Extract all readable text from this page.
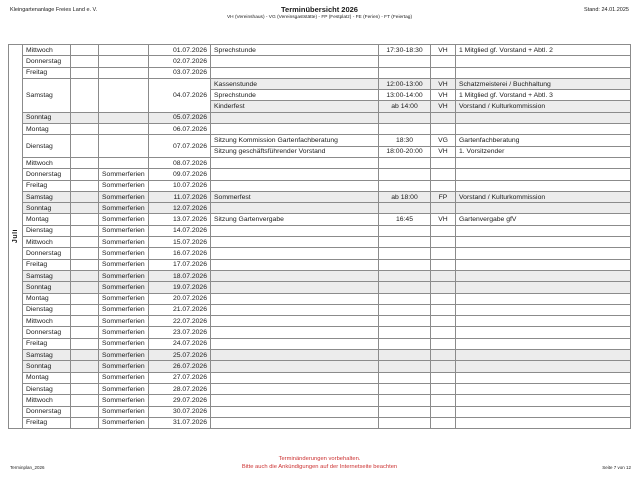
Kleingartenanlage Freies Land e. V.	Terminübersicht 2026
VH (Vereinshaus) - VG (Vereinsgaststätte) - FP (Festplatz) - FE (Ferien) - FT (Feiertag)
Stand: 24.01.2025
Juli	Mittwoch			01.07.2026	Sprechstunde	17:30-18:30	VH	1 Mitglied gf. Vorstand + Abtl. 2
	Donnerstag			02.07.2026				
	Freitag			03.07.2026				
	Samstag			04.07.2026	Kassenstunde	12:00-13:00	VH	Schatzmeisterei / Buchhaltung
					Sprechstunde	13:00-14:00	VH	1 Mitglied gf. Vorstand + Abtl. 3
					Kinderfest	ab 14:00	VH	Vorstand / Kulturkommission
	Sonntag			05.07.2026				
	Montag			06.07.2026				
	Dienstag			07.07.2026	Sitzung Kommission Gartenfachberatung	18:30	VG	Gartenfachberatung
					Sitzung geschäftsführender Vorstand	18:00-20:00	VH	1. Vorsitzender
	Mittwoch			08.07.2026				
	Donnerstag		Sommerferien	09.07.2026				
	Freitag		Sommerferien	10.07.2026				
	Samstag		Sommerferien	11.07.2026	Sommerfest	ab 18:00	FP	Vorstand / Kulturkommission
	Sonntag		Sommerferien	12.07.2026				
	Montag		Sommerferien	13.07.2026	Sitzung Gartenvergabe	16:45	VH	Gartenvergabe gfV
	Dienstag		Sommerferien	14.07.2026				
	Mittwoch		Sommerferien	15.07.2026				
	Donnerstag		Sommerferien	16.07.2026				
	Freitag		Sommerferien	17.07.2026				
	Samstag		Sommerferien	18.07.2026				
	Sonntag		Sommerferien	19.07.2026				
	Montag		Sommerferien	20.07.2026				
	Dienstag		Sommerferien	21.07.2026				
	Mittwoch		Sommerferien	22.07.2026				
	Donnerstag		Sommerferien	23.07.2026				
	Freitag		Sommerferien	24.07.2026				
	Samstag		Sommerferien	25.07.2026				
	Sonntag		Sommerferien	26.07.2026				
	Montag		Sommerferien	27.07.2026				
	Dienstag		Sommerferien	28.07.2026				
	Mittwoch		Sommerferien	29.07.2026				
	Donnerstag		Sommerferien	30.07.2026				
	Freitag		Sommerferien	31.07.2026				
Terminänderungen vorbehalten.
Bitte auch die Ankündigungen auf der Internetseite beachten
Terminplan_2026	Seite 7 von 12
